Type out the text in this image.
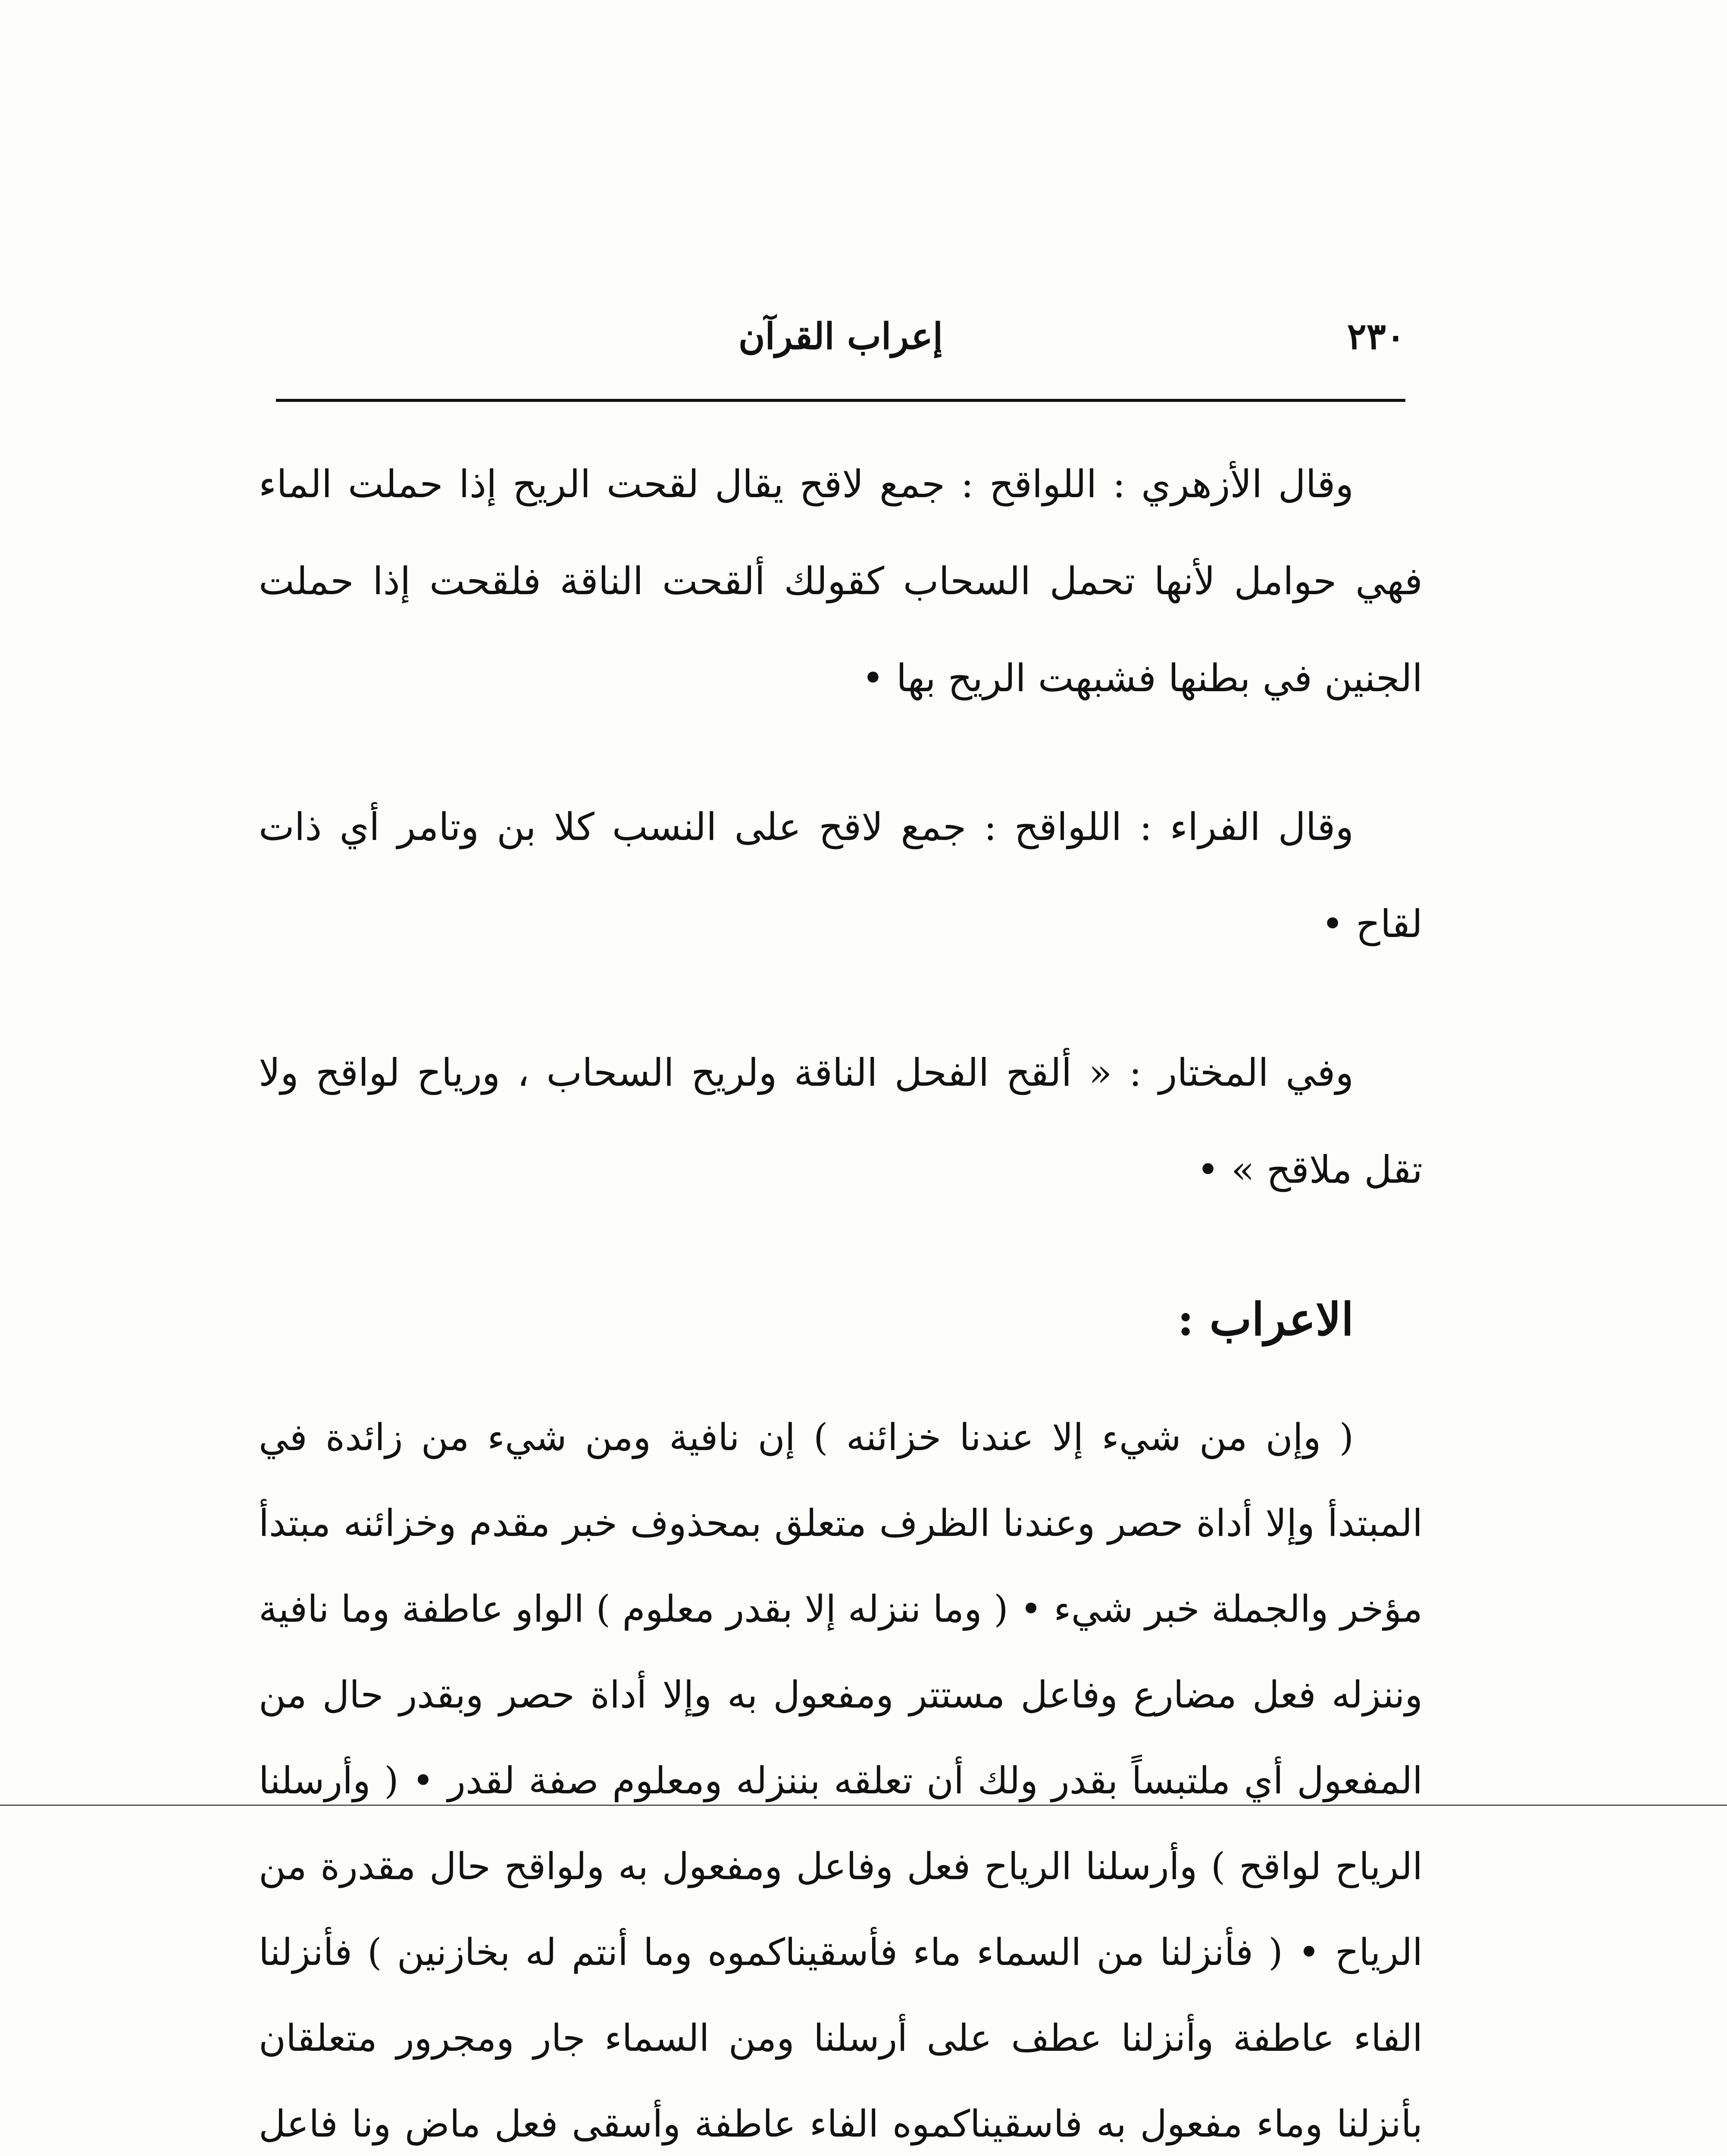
٢٣٠
إعراب القرآن

وقال الأزهري : اللواقح : جمع لاقح يقال لقحت الريح إذا حملت الماء فهي حوامل لأنها تحمل السحاب كقولك ألقحت الناقة فلقحت إذا حملت الجنين في بطنها فشبهت الريح بها •

وقال الفراء : اللواقح : جمع لاقح على النسب كلا بن وتامر أي ذات لقاح •

وفي المختار : « ألقح الفحل الناقة ولريح السحاب ، ورياح لواقح ولا تقل ملاقح » •

الاعراب :

( وإن من شيء إلا عندنا خزائنه ) إن نافية ومن شيء من زائدة في المبتدأ وإلا أداة حصر وعندنا الظرف متعلق بمحذوف خبر مقدم وخزائنه مبتدأ مؤخر والجملة خبر شيء • ( وما ننزله إلا بقدر معلوم ) الواو عاطفة وما نافية وننزله فعل مضارع وفاعل مستتر ومفعول به وإلا أداة حصر وبقدر حال من المفعول أي ملتبساً بقدر ولك أن تعلقه بننزله ومعلوم صفة لقدر • ( وأرسلنا الرياح لواقح ) وأرسلنا الرياح فعل وفاعل ومفعول به ولواقح حال مقدرة من الرياح • ( فأنزلنا من السماء ماء فأسقيناكموه وما أنتم له بخازنين ) فأنزلنا الفاء عاطفة وأنزلنا عطف على أرسلنا ومن السماء جار ومجرور متعلقان بأنزلنا وماء مفعول به فاسقيناكموه الفاء عاطفة وأسقى فعل ماض ونا فاعل
